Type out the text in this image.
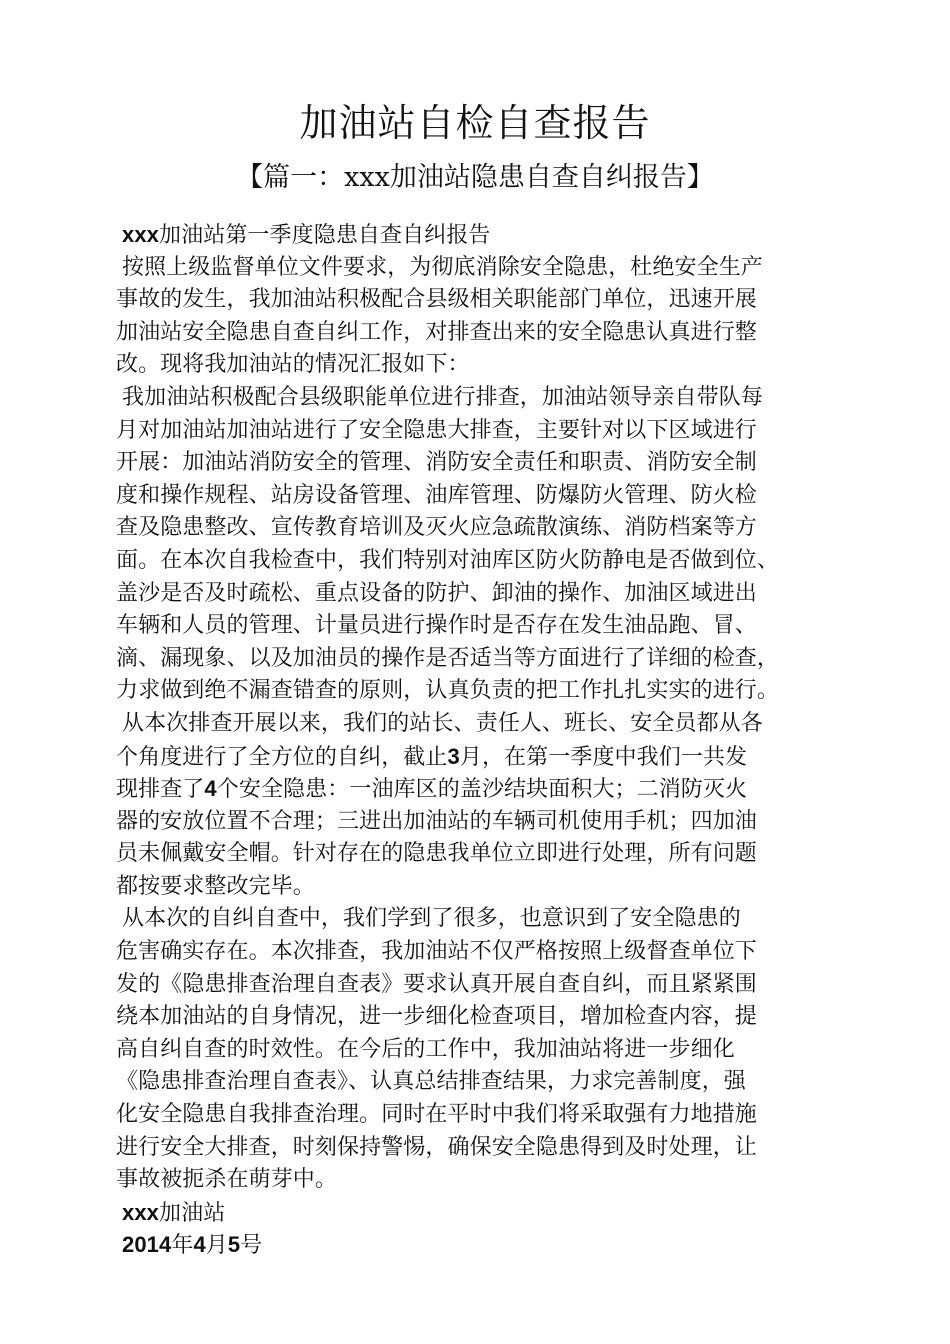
加油站自检自查报告
【篇一：xxx加油站隐患自查自纠报告】
xxx加油站第一季度隐患自查自纠报告
按照上级监督单位文件要求，为彻底消除安全隐患，杜绝安全生产
事故的发生，我加油站积极配合县级相关职能部门单位，迅速开展
加油站安全隐患自查自纠工作，对排查出来的安全隐患认真进行整
改。现将我加油站的情况汇报如下：
我加油站积极配合县级职能单位进行排查，加油站领导亲自带队每
月对加油站加油站进行了安全隐患大排查，主要针对以下区域进行
开展：加油站消防安全的管理、消防安全责任和职责、消防安全制
度和操作规程、站房设备管理、油库管理、防爆防火管理、防火检
查及隐患整改、宣传教育培训及灭火应急疏散演练、消防档案等方
面。在本次自我检查中，我们特别对油库区防火防静电是否做到位、
盖沙是否及时疏松、重点设备的防护、卸油的操作、加油区域进出
车辆和人员的管理、计量员进行操作时是否存在发生油品跑、冒、
滴、漏现象、以及加油员的操作是否适当等方面进行了详细的检查，
力求做到绝不漏查错查的原则，认真负责的把工作扎扎实实的进行。
从本次排查开展以来，我们的站长、责任人、班长、安全员都从各
个角度进行了全方位的自纠，截止3月，在第一季度中我们一共发
现排查了4个安全隐患：一油库区的盖沙结块面积大；二消防灭火
器的安放位置不合理；三进出加油站的车辆司机使用手机；四加油
员未佩戴安全帽。针对存在的隐患我单位立即进行处理，所有问题
都按要求整改完毕。
从本次的自纠自查中，我们学到了很多，也意识到了安全隐患的
危害确实存在。本次排查，我加油站不仅严格按照上级督查单位下
发的《隐患排查治理自查表》要求认真开展自查自纠，而且紧紧围
绕本加油站的自身情况，进一步细化检查项目，增加检查内容，提
高自纠自查的时效性。在今后的工作中，我加油站将进一步细化
《隐患排查治理自查表》、认真总结排查结果，力求完善制度，强
化安全隐患自我排查治理。同时在平时中我们将采取强有力地措施
进行安全大排查，时刻保持警惕，确保安全隐患得到及时处理，让
事故被扼杀在萌芽中。
xxx加油站
2014年4月5号
